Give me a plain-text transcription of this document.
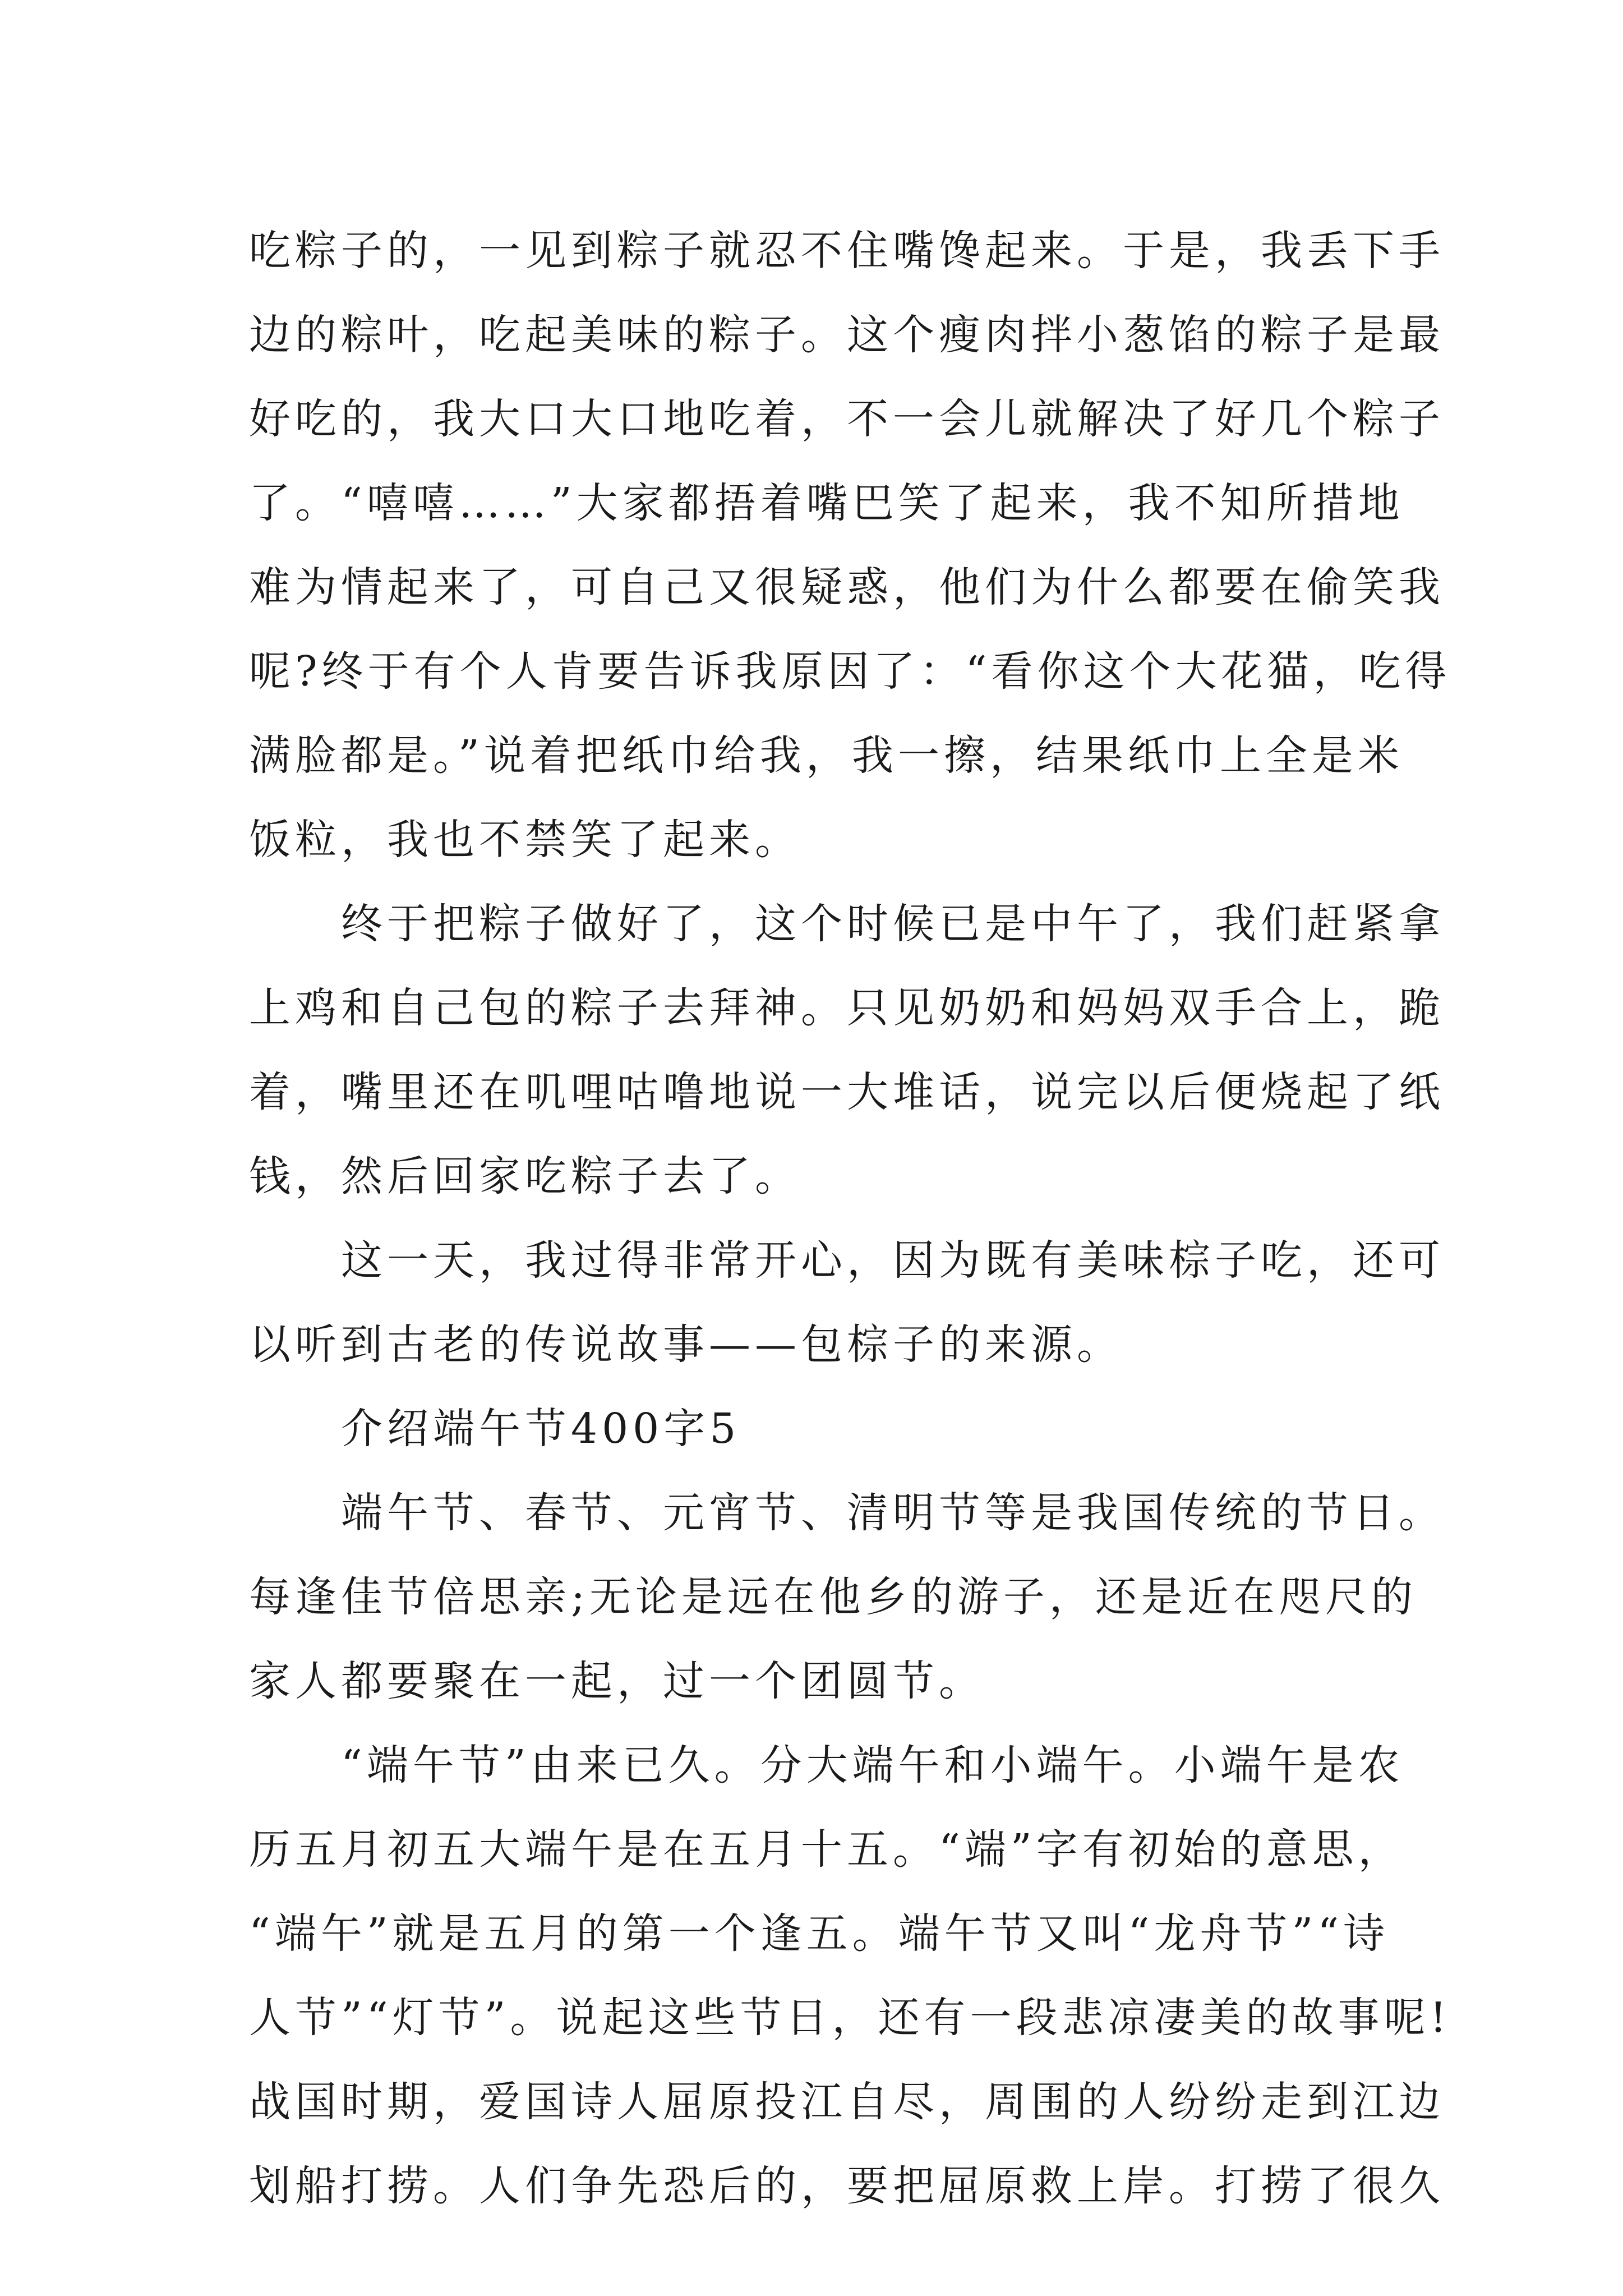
吃粽子的，一见到粽子就忍不住嘴馋起来。于是，我丢下手
边的粽叶，吃起美味的粽子。这个瘦肉拌小葱馅的粽子是最
好吃的，我大口大口地吃着，不一会儿就解决了好几个粽子
了。“嘻嘻……”大家都捂着嘴巴笑了起来，我不知所措地
难为情起来了，可自己又很疑惑，他们为什么都要在偷笑我
呢?终于有个人肯要告诉我原因了：“看你这个大花猫，吃得
满脸都是。”说着把纸巾给我，我一擦，结果纸巾上全是米
饭粒，我也不禁笑了起来。
　　终于把粽子做好了，这个时候已是中午了，我们赶紧拿
上鸡和自己包的粽子去拜神。只见奶奶和妈妈双手合上，跪
着，嘴里还在叽哩咕噜地说一大堆话，说完以后便烧起了纸
钱，然后回家吃粽子去了。
　　这一天，我过得非常开心，因为既有美味棕子吃，还可
以听到古老的传说故事——包棕子的来源。
　　介绍端午节400字5
　　端午节、春节、元宵节、清明节等是我国传统的节日。
每逢佳节倍思亲;无论是远在他乡的游子，还是近在咫尺的
家人都要聚在一起，过一个团圆节。
　　“端午节”由来已久。分大端午和小端午。小端午是农
历五月初五大端午是在五月十五。“端”字有初始的意思，
“端午”就是五月的第一个逢五。端午节又叫“龙舟节”“诗
人节”“灯节”。说起这些节日，还有一段悲凉凄美的故事呢!
战国时期，爱国诗人屈原投江自尽，周围的人纷纷走到江边
划船打捞。人们争先恐后的，要把屈原救上岸。打捞了很久
